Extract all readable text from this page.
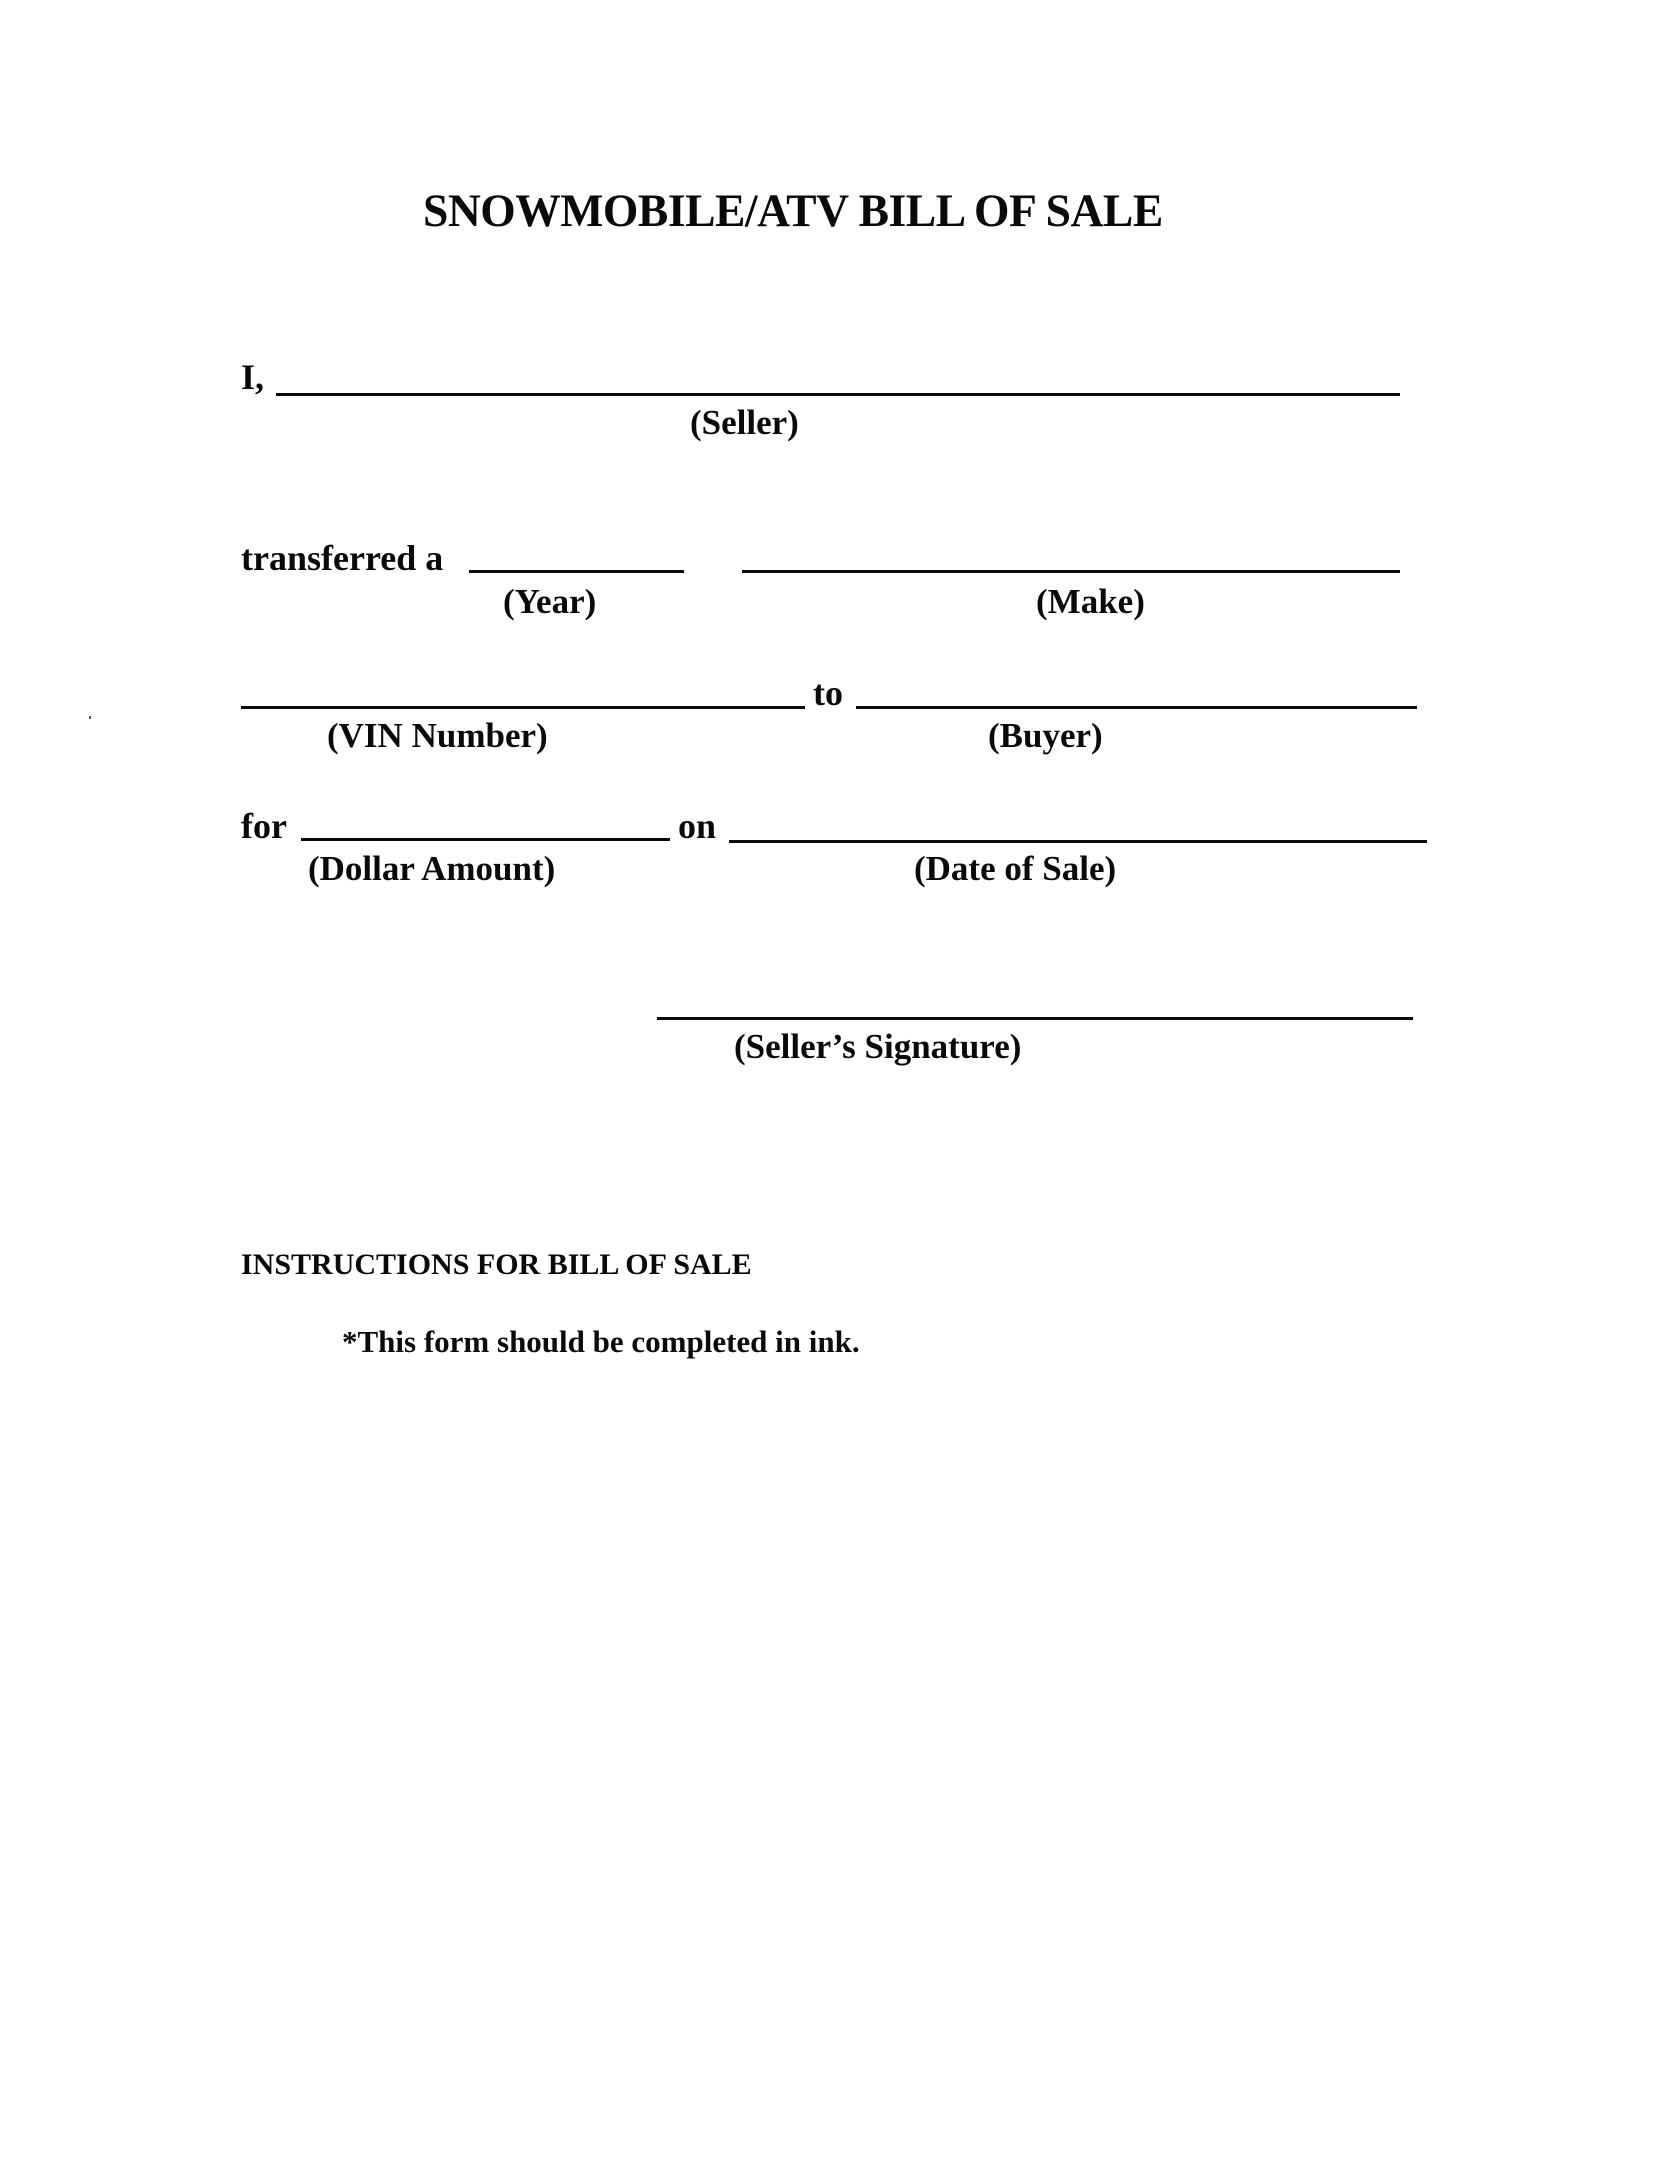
SNOWMOBILE/ATV BILL OF SALE
I,
(Seller)
transferred a
(Year)	(Make)
(VIN Number)
to
(Buyer)
for
(Dollar Amount)
on
(Date of Sale)
(Seller’s Signature)
INSTRUCTIONS FOR BILL OF SALE
*This form should be completed in ink.
